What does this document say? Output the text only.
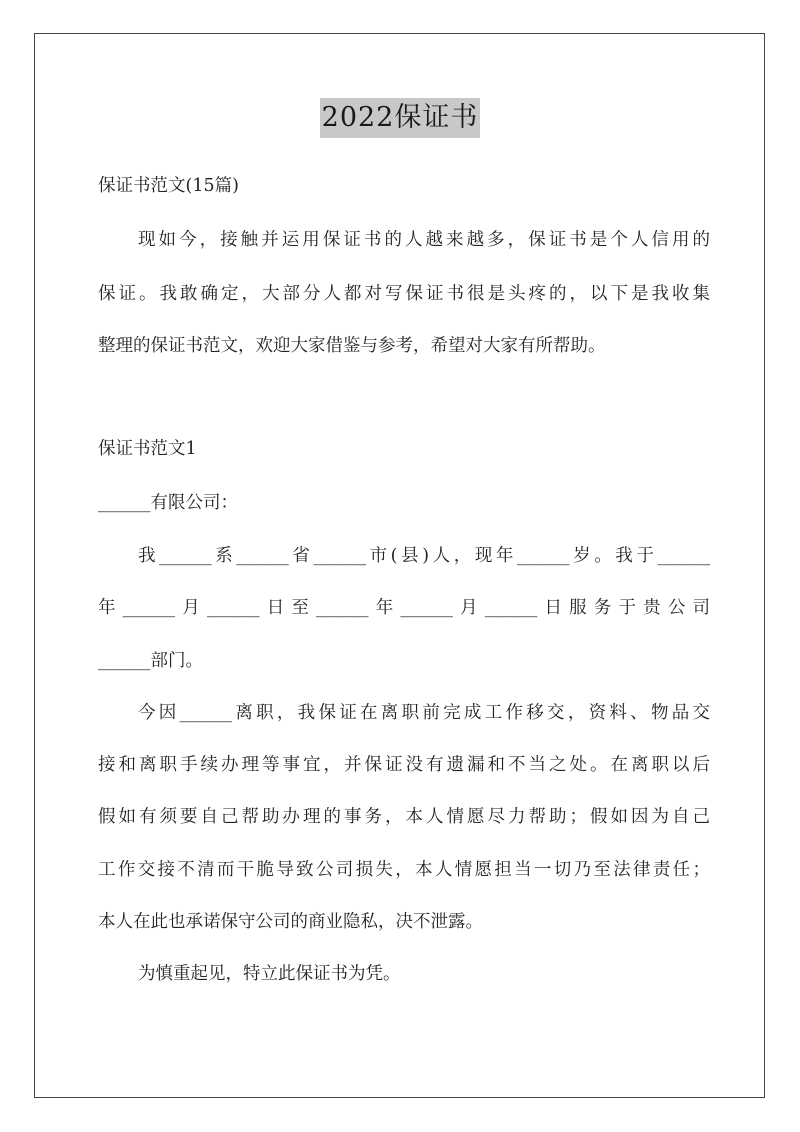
2022保证书
保证书范文(15篇)
现如今，接触并运用保证书的人越来越多，保证书是个人信用的
保证。我敢确定，大部分人都对写保证书很是头疼的，以下是我收集
整理的保证书范文，欢迎大家借鉴与参考，希望对大家有所帮助。
保证书范文1
______有限公司：
我______系______省______市(县)人，现年______岁。我于______
年______月______日至______年______月______日服务于贵公司
______部门。
今因______离职，我保证在离职前完成工作移交，资料、物品交
接和离职手续办理等事宜，并保证没有遗漏和不当之处。在离职以后
假如有须要自己帮助办理的事务，本人情愿尽力帮助；假如因为自己
工作交接不清而干脆导致公司损失，本人情愿担当一切乃至法律责任；
本人在此也承诺保守公司的商业隐私，决不泄露。
为慎重起见，特立此保证书为凭。
